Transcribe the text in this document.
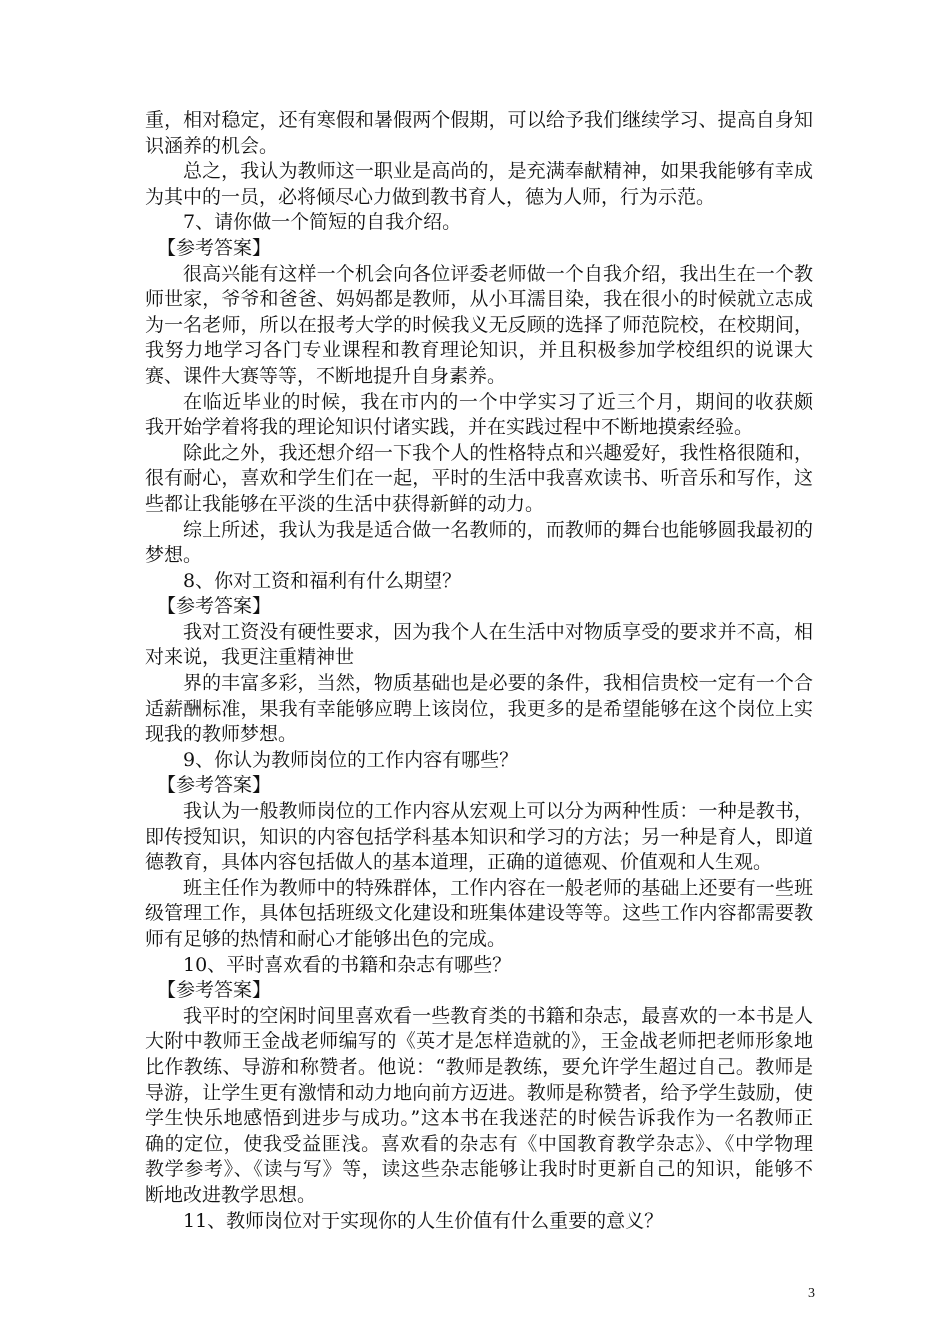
重，相对稳定，还有寒假和暑假两个假期，可以给予我们继续学习、提高自身知
识涵养的机会。
总之，我认为教师这一职业是高尚的，是充满奉献精神，如果我能够有幸成
为其中的一员，必将倾尽心力做到教书育人，德为人师，行为示范。
7、请你做一个简短的自我介绍。
【参考答案】
很高兴能有这样一个机会向各位评委老师做一个自我介绍，我出生在一个教
师世家，爷爷和爸爸、妈妈都是教师，从小耳濡目染，我在很小的时候就立志成
为一名老师，所以在报考大学的时候我义无反顾的选择了师范院校，在校期间，
我努力地学习各门专业课程和教育理论知识，并且积极参加学校组织的说课大
赛、课件大赛等等，不断地提升自身素养。
在临近毕业的时候，我在市内的一个中学实习了近三个月，期间的收获颇
我开始学着将我的理论知识付诸实践，并在实践过程中不断地摸索经验。
除此之外，我还想介绍一下我个人的性格特点和兴趣爱好，我性格很随和，
很有耐心，喜欢和学生们在一起，平时的生活中我喜欢读书、听音乐和写作，这
些都让我能够在平淡的生活中获得新鲜的动力。
综上所述，我认为我是适合做一名教师的，而教师的舞台也能够圆我最初的
梦想。
8、你对工资和福利有什么期望？
【参考答案】
我对工资没有硬性要求，因为我个人在生活中对物质享受的要求并不高，相
对来说，我更注重精神世
界的丰富多彩，当然，物质基础也是必要的条件，我相信贵校一定有一个合
适薪酬标准，果我有幸能够应聘上该岗位，我更多的是希望能够在这个岗位上实
现我的教师梦想。
9、你认为教师岗位的工作内容有哪些？
【参考答案】
我认为一般教师岗位的工作内容从宏观上可以分为两种性质：一种是教书，
即传授知识，知识的内容包括学科基本知识和学习的方法；另一种是育人，即道
德教育，具体内容包括做人的基本道理，正确的道德观、价值观和人生观。
班主任作为教师中的特殊群体，工作内容在一般老师的基础上还要有一些班
级管理工作，具体包括班级文化建设和班集体建设等等。这些工作内容都需要教
师有足够的热情和耐心才能够出色的完成。
10、平时喜欢看的书籍和杂志有哪些？
【参考答案】
我平时的空闲时间里喜欢看一些教育类的书籍和杂志，最喜欢的一本书是人
大附中教师王金战老师编写的《英才是怎样造就的》，王金战老师把老师形象地
比作教练、导游和称赞者。他说：“教师是教练，要允许学生超过自己。教师是
导游，让学生更有激情和动力地向前方迈进。教师是称赞者，给予学生鼓励，使
学生快乐地感悟到进步与成功。”这本书在我迷茫的时候告诉我作为一名教师正
确的定位，使我受益匪浅。喜欢看的杂志有《中国教育教学杂志》、《中学物理
教学参考》、《读与写》等，读这些杂志能够让我时时更新自己的知识，能够不
断地改进教学思想。
11、教师岗位对于实现你的人生价值有什么重要的意义？
3
